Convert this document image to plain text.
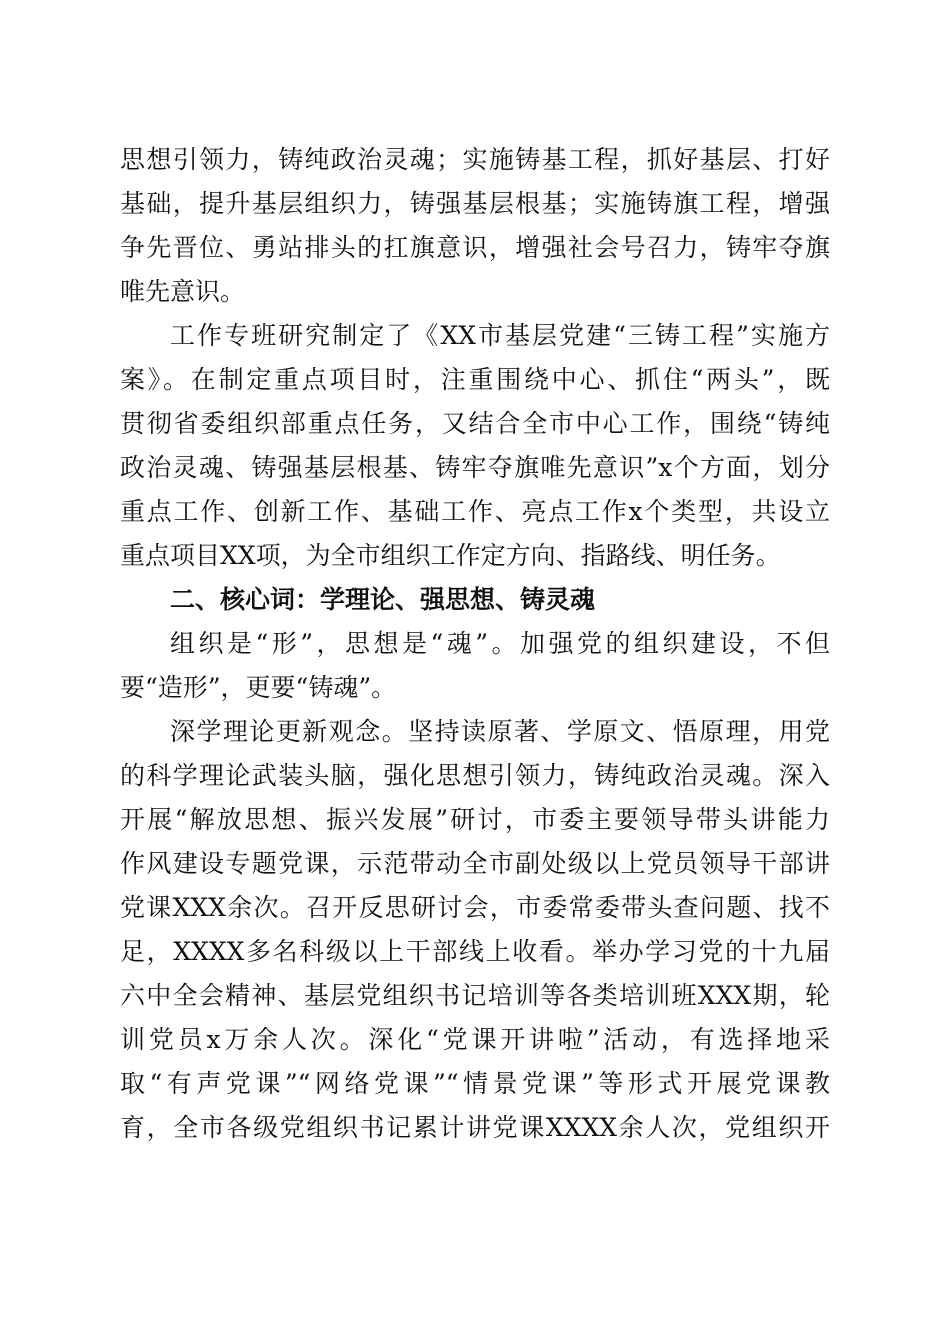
思想引领力，铸纯政治灵魂；实施铸基工程，抓好基层、打好
基础，提升基层组织力，铸强基层根基；实施铸旗工程，增强
争先晋位、勇站排头的扛旗意识，增强社会号召力，铸牢夺旗
唯先意识。
工作专班研究制定了《XX市基层党建“三铸工程”实施方
案》。在制定重点项目时，注重围绕中心、抓住“两头”，既
贯彻省委组织部重点任务，又结合全市中心工作，围绕“铸纯
政治灵魂、铸强基层根基、铸牢夺旗唯先意识”x个方面，划分
重点工作、创新工作、基础工作、亮点工作x个类型，共设立
重点项目XX项，为全市组织工作定方向、指路线、明任务。
二、核心词：学理论、强思想、铸灵魂
组织是“形”，思想是“魂”。加强党的组织建设，不但
要“造形”，更要“铸魂”。
深学理论更新观念。坚持读原著、学原文、悟原理，用党
的科学理论武装头脑，强化思想引领力，铸纯政治灵魂。深入
开展“解放思想、振兴发展”研讨，市委主要领导带头讲能力
作风建设专题党课，示范带动全市副处级以上党员领导干部讲
党课XXX余次。召开反思研讨会，市委常委带头查问题、找不
足，XXXX多名科级以上干部线上收看。举办学习党的十九届
六中全会精神、基层党组织书记培训等各类培训班XXX期，轮
训党员x万余人次。深化“党课开讲啦”活动，有选择地采
取“有声党课”“网络党课”“情景党课”等形式开展党课教
育，全市各级党组织书记累计讲党课XXXX余人次，党组织开
